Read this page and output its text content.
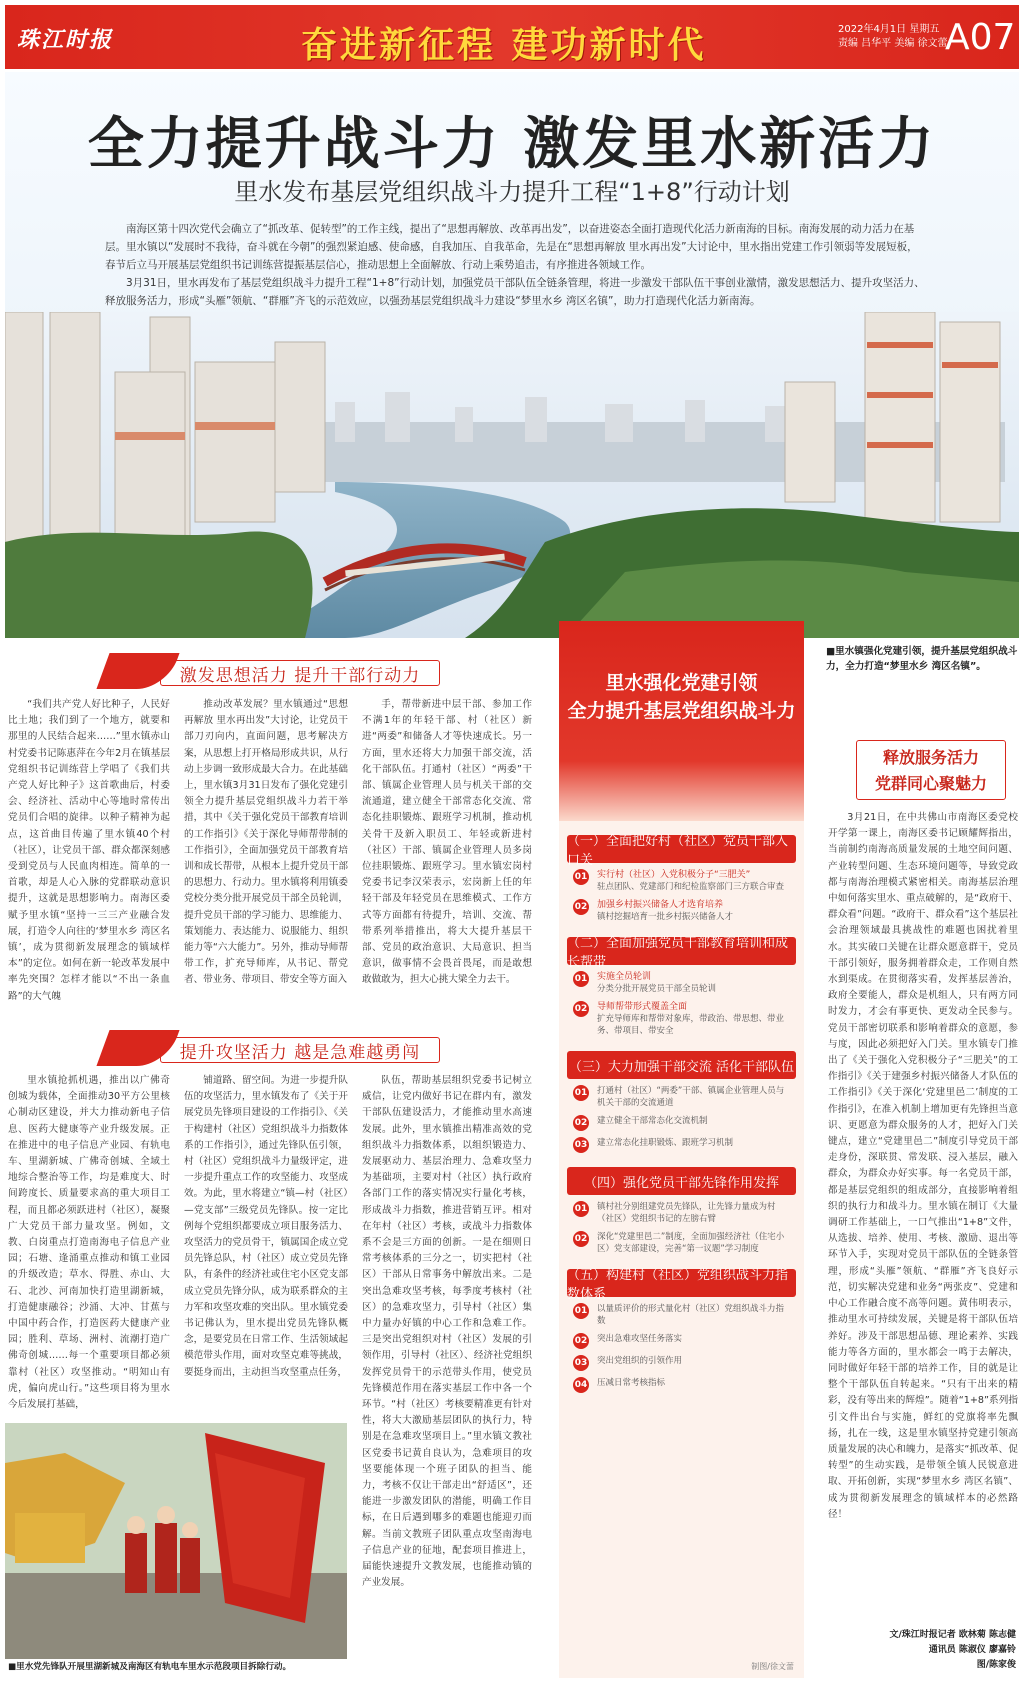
珠江时报	奋进新征程 建功新时代	2022年4月1日 星期五
责编 吕华平 美编 徐文蕾
A07
全力提升战斗力 激发里水新活力
里水发布基层党组织战斗力提升工程“1+8”行动计划

南海区第十四次党代会确立了“抓改革、促转型”的工作主线，提出了“思想再解放、改革再出发”，以奋进姿态全面打造现代化活力新南海的目标。南海发展的动力活力在基层。里水镇以“发展时不我待，奋斗就在今朝”的强烈紧迫感、使命感，自我加压、自我革命，先是在“思想再解放 里水再出发”大讨论中，里水指出党建工作引领弱等发展短板，春节后立马开展基层党组织书记训练营提振基层信心，推动思想上全面解放、行动上乘势追击，有序推进各领域工作。

3月31日，里水再发布了基层党组织战斗力提升工程“1+8”行动计划，加强党员干部队伍全链条管理，将进一步激发干部队伍干事创业激情，激发思想活力、提升攻坚活力、释放服务活力，形成“头雁”领航、“群雁”齐飞的示范效应，以强劲基层党组织战斗力建设“梦里水乡 湾区名镇”，助力打造现代化活力新南海。

激发思想活力 提升干部行动力

“我们共产党人好比种子，人民好比土地；我们到了一个地方，就要和那里的人民结合起来……”里水镇赤山村党委书记陈惠萍在今年2月在镇基层党组织书记训练营上学唱了《我们共产党人好比种子》这首歌曲后，村委会、经济社、活动中心等地时常传出党员们合唱的旋律。以种子精神为起点，这首曲目传遍了里水镇40个村（社区），让党员干部、群众都深刻感受到党员与人民血肉相连。简单的一首歌，却是人心入脉的党群联动意识提升，这就是思想影响力。南海区委赋予里水镇“坚持一三三产业融合发展，打造令人向往的‘梦里水乡 湾区名镇’，成为贯彻新发展理念的镇域样本”的定位。如何在新一轮改革发展中率先突围？怎样才能以“不出一条血路”的大气魄

推动改革发展？里水镇通过“思想再解放 里水再出发”大讨论，让党员干部刀刃向内，直面问题，思考解决方案，从思想上打开格局形成共识，从行动上步调一致形成最大合力。在此基础上，里水镇3月31日发布了强化党建引领全力提升基层党组织战斗力若干举措，其中《关于强化党员干部教育培训的工作指引》《关于深化导师帮带制的工作指引》，全面加强党员干部教育培训和成长帮带，从根本上提升党员干部的思想力、行动力。里水镇将利用镇委党校分类分批开展党员干部全员轮训，提升党员干部的学习能力、思维能力、策划能力、表达能力、说服能力、组织能力等“六大能力”。另外，推动导师帮带工作，扩充导师库，从书记、帮党者、带业务、带项目、带安全等方面入

手，帮带新进中层干部、参加工作不满1年的年轻干部、村（社区）新进“两委”和储备人才等快速成长。另一方面，里水还将大力加强干部交流，活化干部队伍。打通村（社区）“两委”干部、镇属企业管理人员与机关干部的交流通道，建立健全干部常态化交流、常态化挂职锻炼、跟班学习机制，推动机关骨干及新入职员工、年轻或新进村（社区）干部、镇属企业管理人员多岗位挂职锻炼、跟班学习。里水镇宏岗村党委书记李汉荣表示，宏岗新上任的年轻干部及年轻党员在思维模式、工作方式等方面都有待提升，培训、交流、帮带系列举措推出，将大大提升基层干部、党员的政治意识、大局意识、担当意识，做事情不会畏首畏尾，而是敢想敢做敢为，担大心挑大梁全力去干。

提升攻坚活力 越是急难越勇闯

里水镇抢抓机遇，推出以广佛奇创城为载体，全面推动30平方公里核心制动区建设，并大力推动新电子信息、医药大健康等产业升级发展。正在推进中的电子信息产业园、有轨电车、里湖新城、广佛奇创城、全域土地综合整治等工作，均是难度大、时间跨度长、质量要求高的重大项目工程，而且都必须跃进村（社区），凝聚广大党员干部力量攻坚。例如，文教、白岗重点打造南海电子信息产业园；石塘、逢涌重点推动和镇工业园的升级改造；草水、得胜、赤山、大石、北沙、河南加快打造里湖新城，打造健康融谷；沙涌、大冲、甘蕉与中国中药合作，打造医药大健康产业园；胜利、草场、洲村、流潮打造广佛奇创城……每一个重要项目都必须靠村（社区）攻坚推动。“明知山有虎，偏向虎山行。”这些项目将为里水今后发展打基础，

铺道路、留空间。为进一步提升队伍的攻坚活力，里水镇发布了《关于开展党员先锋项目建设的工作指引》、《关于构建村（社区）党组织战斗力指数体系的工作指引》，通过先锋队伍引领，村（社区）党组织战斗力量级评定，进一步提升重点工作的攻坚能力、攻坚成效。为此，里水将建立“镇—村（社区）—党支部”三级党员先锋队。按一定比例每个党组织都要成立项目服务活力、攻坚活力的党员骨干，镇属国企成立党员先锋总队，村（社区）成立党员先锋队，有条件的经济社或住宅小区党支部成立党员先锋分队，成为联系群众的主力军和攻坚攻难的突出队。里水镇党委书记佛认为，里水提出党员先锋队概念，是要党员在日常工作、生活领域起模范带头作用，面对攻坚克难等挑战，要挺身而出，主动担当攻坚重点任务，

队伍，帮助基层组织党委书记树立威信，让党内做好书记在群内有，激发干部队伍建设活力，才能推动里水高速发展。此外，里水镇推出精准高效的党组织战斗力指数体系，以组织锻造力、发展驱动力、基层治理力、急难攻坚力为基础项，主要对村（社区）执行政府各部门工作的落实情况实行量化考核，形成战斗力指数，推进营销互评。相对在年村（社区）考核，或战斗力指数体系不会是三方面的创新。一是在细则日常考核体系的三分之一，切实把村（社区）干部从日常事务中解放出来。二是突出急难攻坚考核，每季度考核村（社区）的急难攻坚力，引导村（社区）集中力量办好镇的中心工作和急难工作。三是突出党组织对村（社区）发展的引领作用，引导村（社区）、经济社党组织发挥党员骨干的示范带头作用，使党员先锋模范作用在落实基层工作中各一个环节。“村（社区）考核要精准更有针对性，将大大激励基层团队的执行力，特别是在急难攻坚项目上。”里水镇文教社区党委书记黄自良认为，急难项目的攻坚要能体现一个班子团队的担当、能力，考核不仅让干部走出“舒适区”，还能进一步激发团队的潜能，明确工作目标，在日后遇到哪多的难题也能迎刃而解。当前文教班子团队重点攻坚南海电子信息产业的征地，配套项目推进上，届能快速提升文教发展，也能推动镇的产业发展。

■里水党先锋队开展里湖新城及南海区有轨电车里水示范段项目拆除行动。
里水强化党建引领
全力提升基层党组织战斗力
（一）全面把好村（社区）党员干部入口关
01 实行村（社区）入党积极分子“三肥关”
驻点团队、党建部门和纪检监察部门三方联合审查
02 加强乡村振兴储备人才选育培养
镇村挖掘培育一批乡村振兴储备人才
（二）全面加强党员干部教育培训和成长帮带
01 实施全员轮训
分类分批开展党员干部全员轮训
02 导师帮带形式覆盖全面
扩充导师库和帮带对象库，带政治、带思想、带业务、带项目、带安全
（三）大力加强干部交流 活化干部队伍
01 打通村（社区）“两委”干部、镇属企业管理人员与机关干部的交流通道
02 建立健全干部常态化交流机制
03 建立常态化挂职锻炼、跟班学习机制
（四）强化党员干部先锋作用发挥
01 镇村社分别组建党员先锋队，让先锋力量成为村（社区）党组织书记的左膀右臂
02 深化“党建里邑二”制度，全面加强经济社（住宅小区）党支部建设，完善“第一议题”学习制度
（五）构建村（社区）党组织战斗力指数体系
01 以量质评价的形式量化村（社区）党组织战斗力指数
02 突出急难攻坚任务落实
03 突出党组织的引领作用
04 压减日常考核指标
制图/徐文蕾
■里水镇强化党建引领，提升基层党组织战斗力，全力打造“梦里水乡 湾区名镇”。
释放服务活力
党群同心聚魅力

3月21日，在中共佛山市南海区委党校开学第一课上，南海区委书记顾耀辉指出，当前制约南海高质量发展的土地空间问题、产业转型问题、生态环境问题等，导致党政都与南海治理模式紧密相关。南海基层治理中如何落实里水、重点破解的，是“政府干、群众看”问题。“政府干、群众看”这个基层社会治理领域最具挑战性的难题也困扰着里水。其实破口关键在让群众愿意群干，党员干部引领好，服务拥着群众走，工作则自然水到渠成。在贯彻落实看，发挥基层善治，政府全要能人，群众是机组人，只有两方同时发力，才会有事更快、更发动全民参与。党员干部密切联系和影响着群众的意愿，参与度，因此必须把好入门关。里水镇专门推出了《关于强化入党积极分子“三肥关”的工作指引》《关于建强乡村振兴储备人才队伍的工作指引》《关于深化‘党建里邑二’制度的工作指引》，在准入机制上增加更有先锋担当意识、更愿意为群众服务的人才，把好入门关键点，建立“党建里邑二”制度引导党员干部走身份，深联贯、常发联、浸入基层，融入群众，为群众办好实事。每一名党员干部，都是基层党组织的组成部分，直接影响着组织的执行力和战斗力。里水镇在制订《大量调研工作基础上，一口气推出“1+8”文件，从选拔、培养、使用、考核、激励、退出等环节入手，实现对党员干部队伍的全链条管理，形成“头雁”领航、“群雁”齐飞良好示范，切实解决党建和业务“两张皮”、党建和中心工作融合度不高等问题。黄伟明表示，推动里水可持续发展，关键是将干部队伍培养好。涉及干部思想品德、理论素养、实践能力等各方面的，里水都会一鸣于去解决，同时做好年轻干部的培养工作，目的就是让整个干部队伍自转起来。“只有干出来的精彩，没有等出来的辉煌”。随着“1+8”系列指引文件出台与实施，鲜红的党旗将率先飘扬，扎在一线，这是里水镇坚持党建引领高质量发展的决心和魄力，是落实“抓改革、促转型”的生动实践，是带领全镇人民锐意进取、开拓创新，实现“梦里水乡 湾区名镇”、成为贯彻新发展理念的镇域样本的必然路径！

文/珠江时报记者 欧林菊 陈志健
通讯员 陈淑仪 廖嘉铃
图/陈家俊
